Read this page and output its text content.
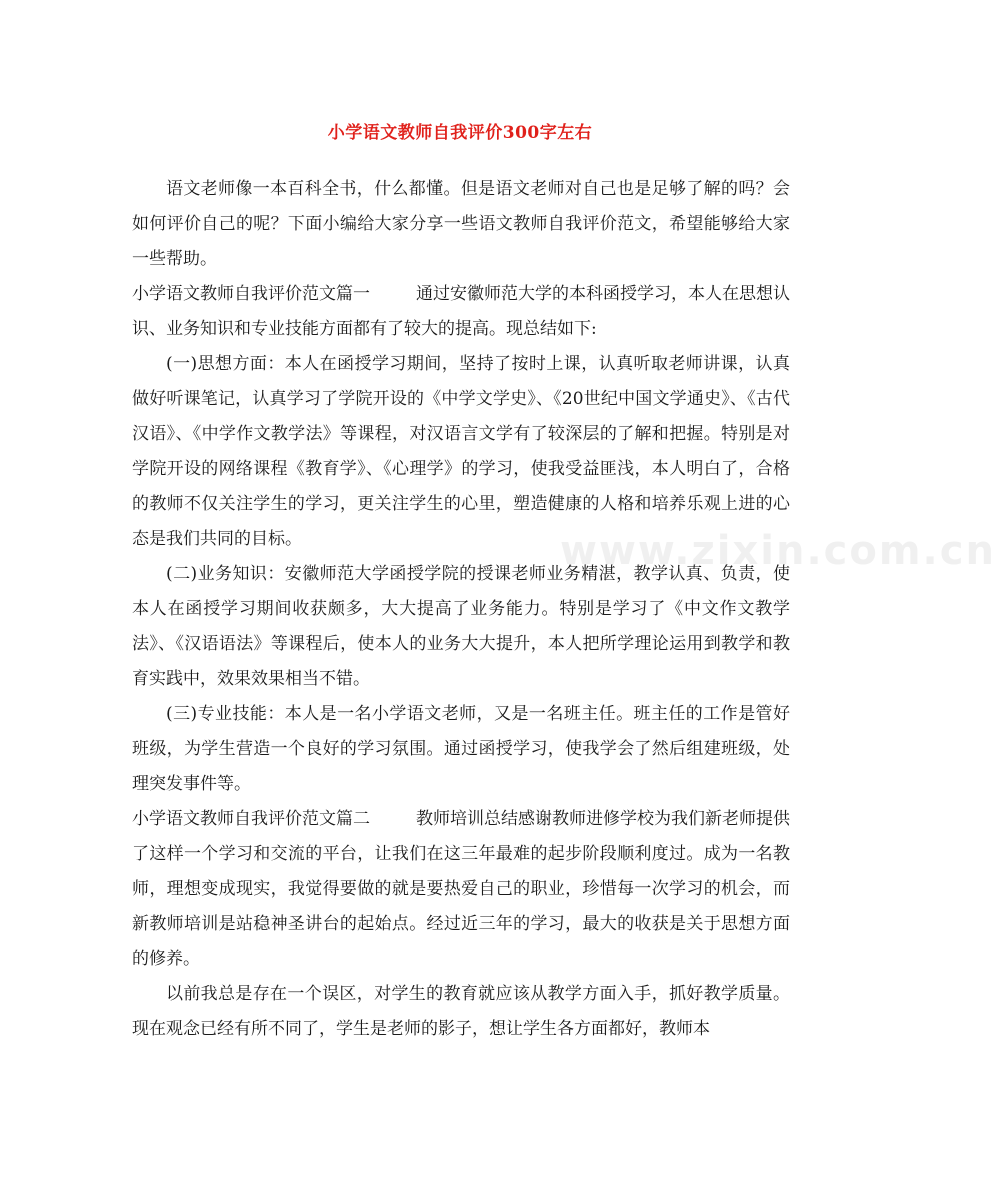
小学语文教师自我评价300字左右

语文老师像一本百科全书，什么都懂。但是语文老师对自己也是足够了解的吗？会如何评价自己的呢？下面小编给大家分享一些语文教师自我评价范文，希望能够给大家一些帮助。

小学语文教师自我评价范文篇一	通过安徽师范大学的本科函授学习，本人在思想认识、业务知识和专业技能方面都有了较大的提高。现总结如下:

(一)思想方面：本人在函授学习期间，坚持了按时上课，认真听取老师讲课，认真做好听课笔记，认真学习了学院开设的《中学文学史》、《20世纪中国文学通史》、《古代汉语》、《中学作文教学法》等课程，对汉语言文学有了较深层的了解和把握。特别是对学院开设的网络课程《教育学》、《心理学》的学习，使我受益匪浅，本人明白了，合格的教师不仅关注学生的学习，更关注学生的心里，塑造健康的人格和培养乐观上进的心态是我们共同的目标。

(二)业务知识：安徽师范大学函授学院的授课老师业务精湛，教学认真、负责，使本人在函授学习期间收获颇多，大大提高了业务能力。特别是学习了《中文作文教学法》、《汉语语法》等课程后，使本人的业务大大提升，本人把所学理论运用到教学和教育实践中，效果效果相当不错。

(三)专业技能：本人是一名小学语文老师，又是一名班主任。班主任的工作是管好班级，为学生营造一个良好的学习氛围。通过函授学习，使我学会了然后组建班级，处理突发事件等。

小学语文教师自我评价范文篇二	教师培训总结感谢教师进修学校为我们新老师提供了这样一个学习和交流的平台，让我们在这三年最难的起步阶段顺利度过。成为一名教师，理想变成现实，我觉得要做的就是要热爱自己的职业，珍惜每一次学习的机会，而新教师培训是站稳神圣讲台的起始点。经过近三年的学习，最大的收获是关于思想方面的修养。

以前我总是存在一个误区，对学生的教育就应该从教学方面入手，抓好教学质量。现在观念已经有所不同了，学生是老师的影子，想让学生各方面都好，教师本

www.zixin.com.cn
